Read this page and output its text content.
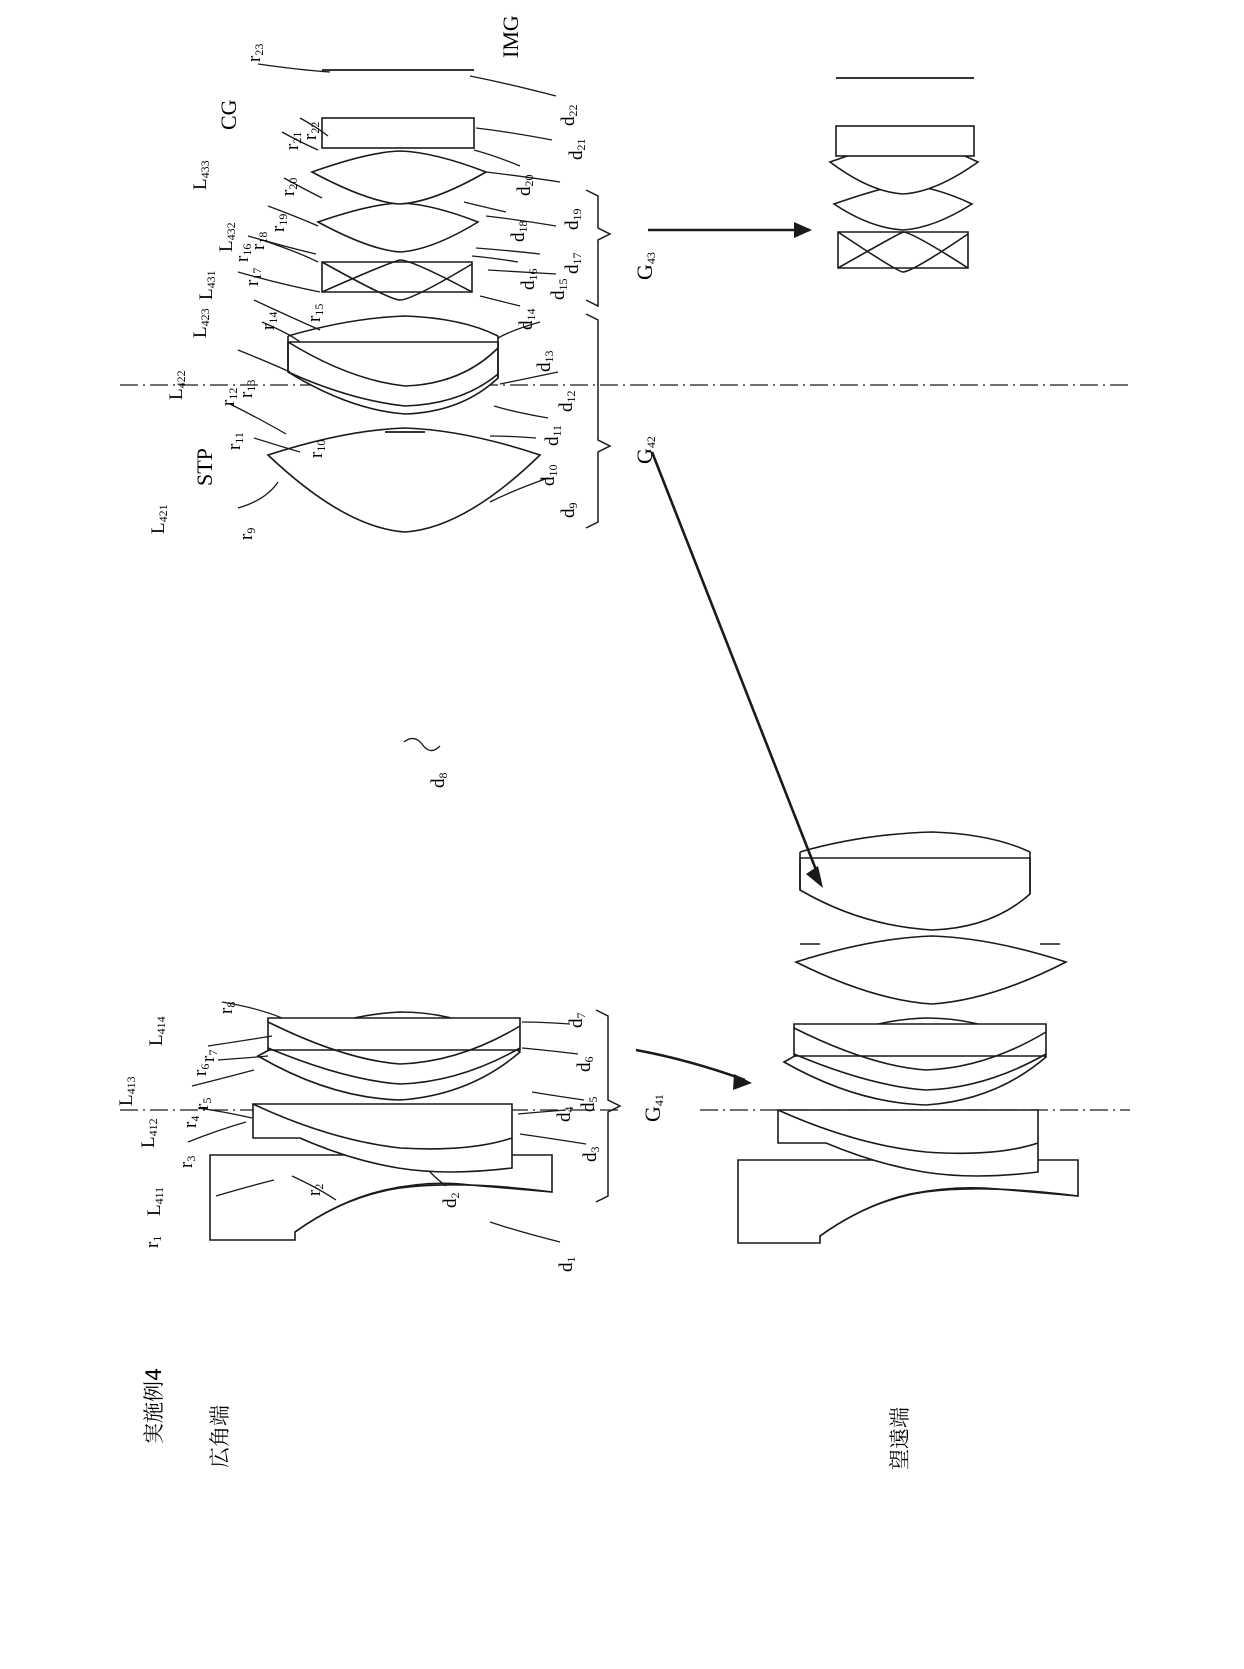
実施例4 広角端	望遠端
IMG
CG
STP
$L_{433}$
$L_{432}$
$L_{431}$
$L_{423}$
$L_{422}$
$L_{421}$
$L_{411}$
$L_{412}$
$L_{413}$
$L_{414}$
$G_{43}$
$G_{42}$
$G_{41}$
$r_{23}$
$r_{22}$
$r_{21}$
$r_{20}$
$r_{19}$
$r_{18}$
$r_{17}$
$r_{16}$
$r_{15}$
$r_{14}$
$r_{13}$
$r_{12}$
$r_{11}$
$r_{10}$
$r_9$
$r_8$
$r_7$
$r_6$
$r_5$
$r_4$
$r_3$
$r_2$
$r_1$
$d_{22}$
$d_{21}$
$d_{20}$
$d_{19}$
$d_{18}$
$d_{17}$
$d_{16}$
$d_{15}$
$d_{14}$
$d_{13}$
$d_{12}$
$d_{11}$
$d_{10}$
$d_9$
$d_8$
$d_7$
$d_6$
$d_5$
$d_4$
$d_3$
$d_2$
$d_1$
